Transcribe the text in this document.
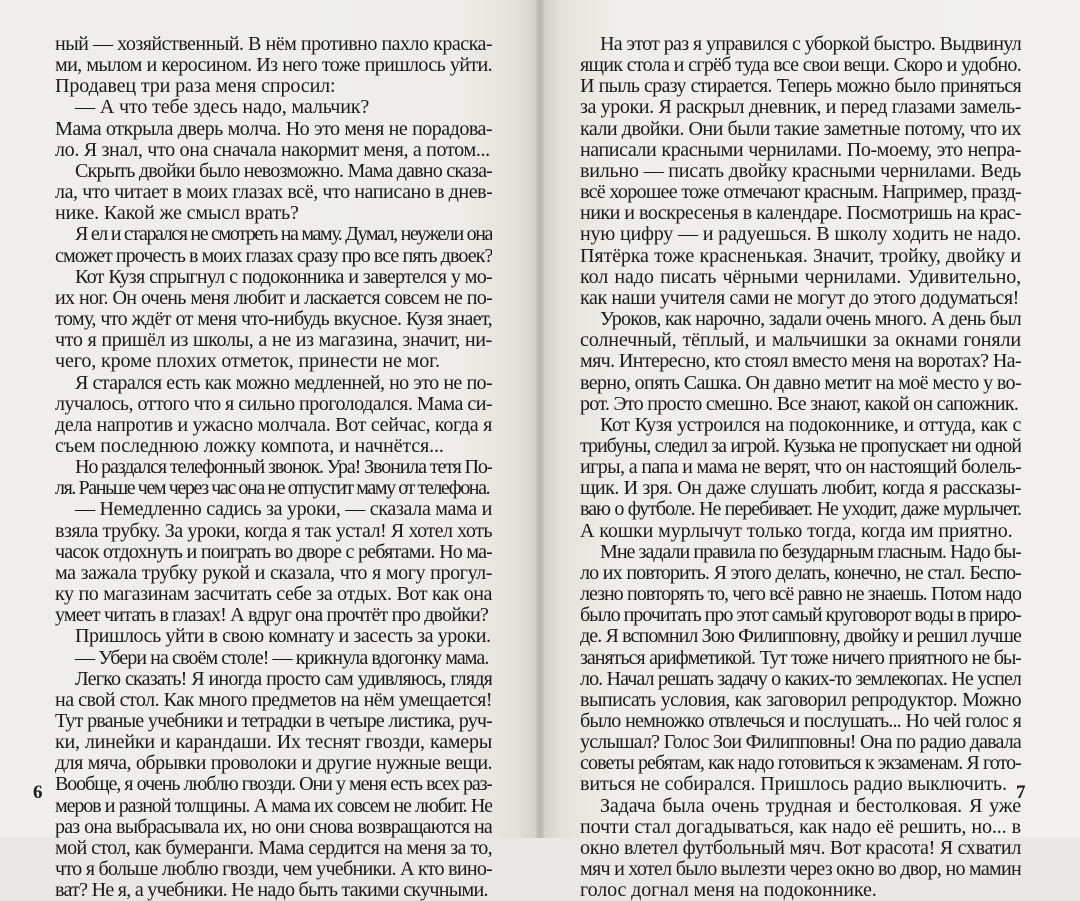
ный — хозяйственный. В нём противно пахло краска-
ми, мылом и керосином. Из него тоже пришлось уйти.
Продавец три раза меня спросил:
— А что тебе здесь надо, мальчик?
Мама открыла дверь молча. Но это меня не порадова-
ло. Я знал, что она сначала накормит меня, а потом...
Скрыть двойки было невозможно. Мама давно сказа-
ла, что читает в моих глазах всё, что написано в днев-
нике. Какой же смысл врать?
Я ел и старался не смотреть на маму. Думал, неужели она
сможет прочесть в моих глазах сразу про все пять двоек?
Кот Кузя спрыгнул с подоконника и завертелся у мо-
их ног. Он очень меня любит и ласкается совсем не по-
тому, что ждёт от меня что-нибудь вкусное. Кузя знает,
что я пришёл из школы, а не из магазина, значит, ни-
чего, кроме плохих отметок, принести не мог.
Я старался есть как можно медленней, но это не по-
лучалось, оттого что я сильно проголодался. Мама си-
дела напротив и ужасно молчала. Вот сейчас, когда я
съем последнюю ложку компота, и начнётся...
Но раздался телефонный звонок. Ура! Звонила тетя По-
ля. Раньше чем через час она не отпустит маму от телефона.
— Немедленно садись за уроки, — сказала мама и
взяла трубку. За уроки, когда я так устал! Я хотел хоть
часок отдохнуть и поиграть во дворе с ребятами. Но ма-
ма зажала трубку рукой и сказала, что я могу прогул-
ку по магазинам засчитать себе за отдых. Вот как она
умеет читать в глазах! А вдруг она прочтёт про двойки?
Пришлось уйти в свою комнату и засесть за уроки.
— Убери на своём столе! — крикнула вдогонку мама.
Легко сказать! Я иногда просто сам удивляюсь, глядя
на свой стол. Как много предметов на нём умещается!
Тут рваные учебники и тетрадки в четыре листика, руч-
ки, линейки и карандаши. Их теснят гвозди, камеры
для мяча, обрывки проволоки и другие нужные вещи.
Вообще, я очень люблю гвозди. Они у меня есть всех раз-
меров и разной толщины. А мама их совсем не любит. Не
раз она выбрасывала их, но они снова возвращаются на
мой стол, как бумеранги. Мама сердится на меня за то,
что я больше люблю гвозди, чем учебники. А кто вино-
ват? Не я, а учебники. Не надо быть такими скучными.
6
На этот раз я управился с уборкой быстро. Выдвинул
ящик стола и сгрёб туда все свои вещи. Скоро и удобно.
И пыль сразу стирается. Теперь можно было приняться
за уроки. Я раскрыл дневник, и перед глазами замель-
кали двойки. Они были такие заметные потому, что их
написали красными чернилами. По-моему, это непра-
вильно — писать двойку красными чернилами. Ведь
всё хорошее тоже отмечают красным. Например, празд-
ники и воскресенья в календаре. Посмотришь на крас-
ную цифру — и радуешься. В школу ходить не надо.
Пятёрка тоже красненькая. Значит, тройку, двойку и
кол надо писать чёрными чернилами. Удивительно,
как наши учителя сами не могут до этого додуматься!
Уроков, как нарочно, задали очень много. А день был
солнечный, тёплый, и мальчишки за окнами гоняли
мяч. Интересно, кто стоял вместо меня на воротах? На-
верно, опять Сашка. Он давно метит на моё место у во-
рот. Это просто смешно. Все знают, какой он сапожник.
Кот Кузя устроился на подоконнике, и оттуда, как с
трибуны, следил за игрой. Кузька не пропускает ни одной
игры, а папа и мама не верят, что он настоящий болель-
щик. И зря. Он даже слушать любит, когда я рассказы-
ваю о футболе. Не перебивает. Не уходит, даже мурлычет.
А кошки мурлычут только тогда, когда им приятно.
Мне задали правила по безударным гласным. Надо бы-
ло их повторить. Я этого делать, конечно, не стал. Беспо-
лезно повторять то, чего всё равно не знаешь. Потом надо
было прочитать про этот самый круговорот воды в приро-
де. Я вспомнил Зою Филипповну, двойку и решил лучше
заняться арифметикой. Тут тоже ничего приятного не бы-
ло. Начал решать задачу о каких-то землекопах. Не успел
выписать условия, как заговорил репродуктор. Можно
было немножко отвлечься и послушать... Но чей голос я
услышал? Голос Зои Филипповны! Она по радио давала
советы ребятам, как надо готовиться к экзаменам. Я гото-
виться не собирался. Пришлось радио выключить.
Задача была очень трудная и бестолковая. Я уже
почти стал догадываться, как надо её решить, но... в
окно влетел футбольный мяч. Вот красота! Я схватил
мяч и хотел было вылезти через окно во двор, но мамин
голос догнал меня на подоконнике.
7
